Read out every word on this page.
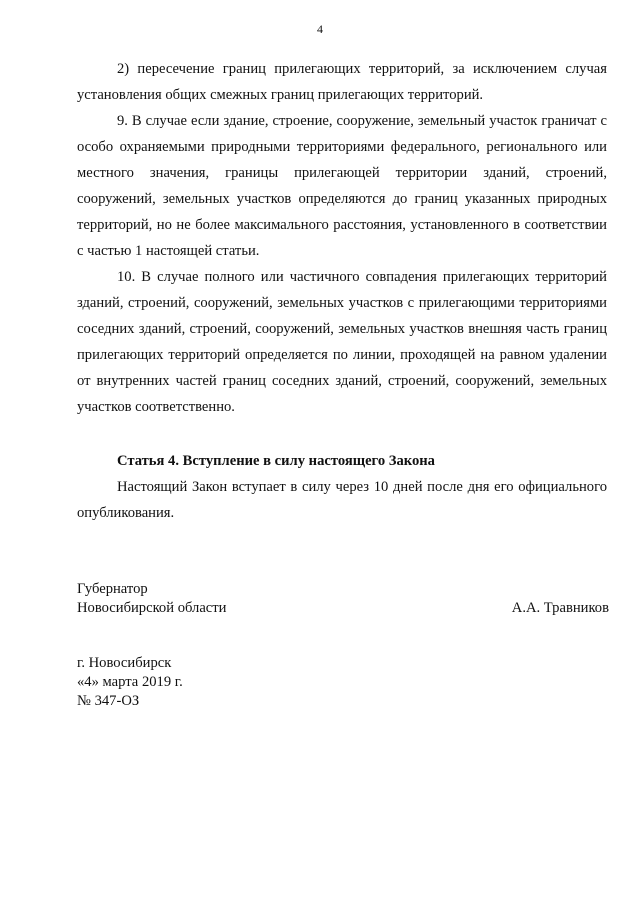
4

2) пересечение границ прилегающих территорий, за исключением случая установления общих смежных границ прилегающих территорий.

9. В случае если здание, строение, сооружение, земельный участок граничат с особо охраняемыми природными территориями федерального, регионального или местного значения, границы прилегающей территории зданий, строений, сооружений, земельных участков определяются до границ указанных природных территорий, но не более максимального расстояния, установленного в соответствии с частью 1 настоящей статьи.

10. В случае полного или частичного совпадения прилегающих территорий зданий, строений, сооружений, земельных участков с прилегающими территориями соседних зданий, строений, сооружений, земельных участков внешняя часть границ прилегающих территорий определяется по линии, проходящей на равном удалении от внутренних частей границ соседних зданий, строений, сооружений, земельных участков соответственно.

Статья 4. Вступление в силу настоящего Закона

Настоящий Закон вступает в силу через 10 дней после дня его официального опубликования.

Губернатор
Новосибирской области	А.А. Травников
г. Новосибирск
«4» марта 2019 г.
№ 347-ОЗ
